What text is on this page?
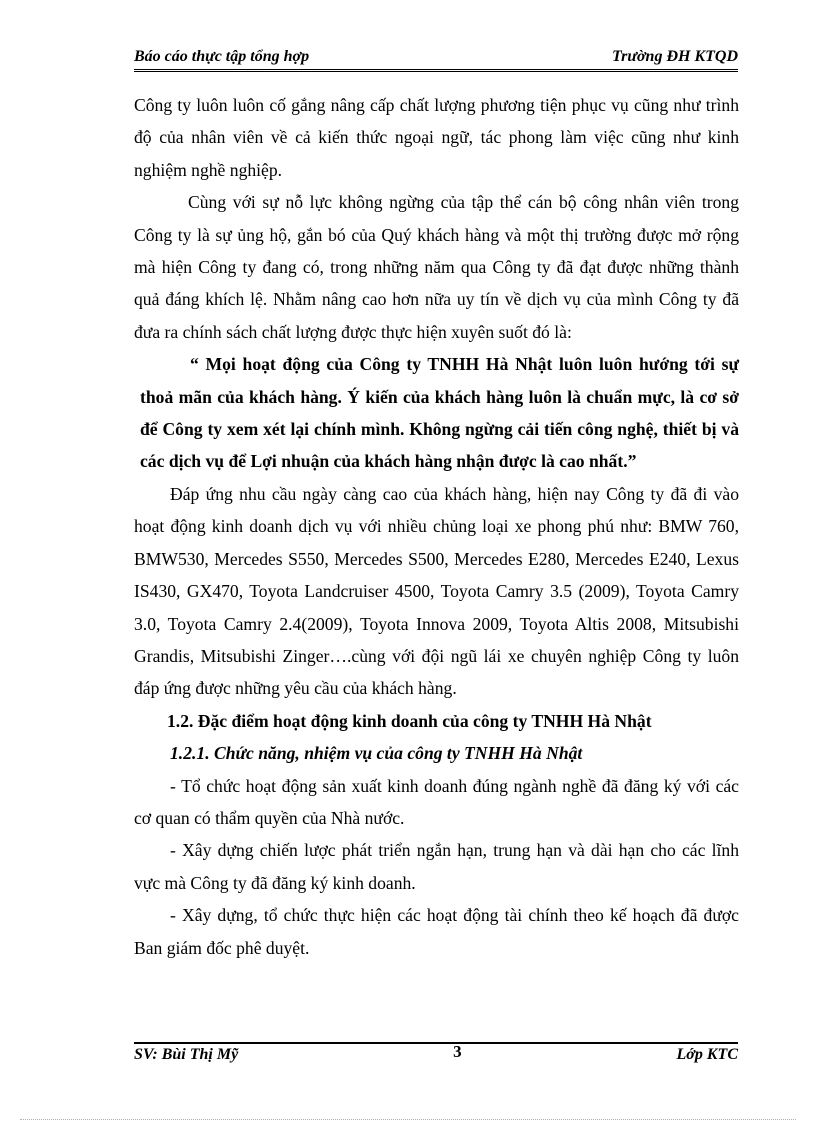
Báo cáo thực tập tổng hợp	Trường ĐH KTQD

Công ty luôn luôn cố gắng nâng cấp chất lượng phương tiện phục vụ cũng như trình độ của nhân viên về cả kiến thức ngoại ngữ, tác phong làm việc cũng như kinh nghiệm nghề nghiệp.

Cùng với sự nỗ lực không ngừng của tập thể cán bộ công nhân viên trong Công ty là sự ủng hộ, gắn bó của Quý khách hàng và một thị trường được mở rộng mà hiện Công ty đang có, trong những năm qua Công ty đã đạt được những thành quả đáng khích lệ. Nhằm nâng cao hơn nữa uy tín về dịch vụ của mình Công ty đã đưa ra chính sách chất lượng được thực hiện xuyên suốt đó là:

“ Mọi hoạt động của Công ty TNHH Hà Nhật luôn luôn hướng tới sự thoả mãn của khách hàng. Ý kiến của khách hàng luôn là chuẩn mực, là cơ sở để Công ty xem xét lại chính mình. Không ngừng cải tiến công nghệ, thiết bị và các dịch vụ để Lợi nhuận của khách hàng nhận được là cao nhất.”

Đáp ứng nhu cầu ngày càng cao của khách hàng, hiện nay Công ty đã đi vào hoạt động kinh doanh dịch vụ với nhiều chủng loại xe phong phú như: BMW 760, BMW530, Mercedes S550, Mercedes S500, Mercedes E280, Mercedes E240, Lexus IS430, GX470, Toyota Landcruiser 4500, Toyota Camry 3.5 (2009), Toyota Camry 3.0, Toyota Camry 2.4(2009), Toyota Innova 2009, Toyota Altis 2008, Mitsubishi Grandis, Mitsubishi Zinger….cùng với đội ngũ lái xe chuyên nghiệp Công ty luôn đáp ứng được những yêu cầu của khách hàng.

1.2. Đặc điểm hoạt động kinh doanh của công ty TNHH Hà Nhật

1.2.1. Chức năng, nhiệm vụ của công ty TNHH Hà Nhật

- Tổ chức hoạt động sản xuất kinh doanh đúng ngành nghề đã đăng ký với các cơ quan có thẩm quyền của Nhà nước.

- Xây dựng chiến lược phát triển ngắn hạn, trung hạn và dài hạn cho các lĩnh vực mà Công ty đã đăng ký kinh doanh.

- Xây dựng, tổ chức thực hiện các hoạt động tài chính theo kế hoạch đã được Ban giám đốc phê duyệt.

SV: Bùi Thị Mỹ	3	Lớp KTC
